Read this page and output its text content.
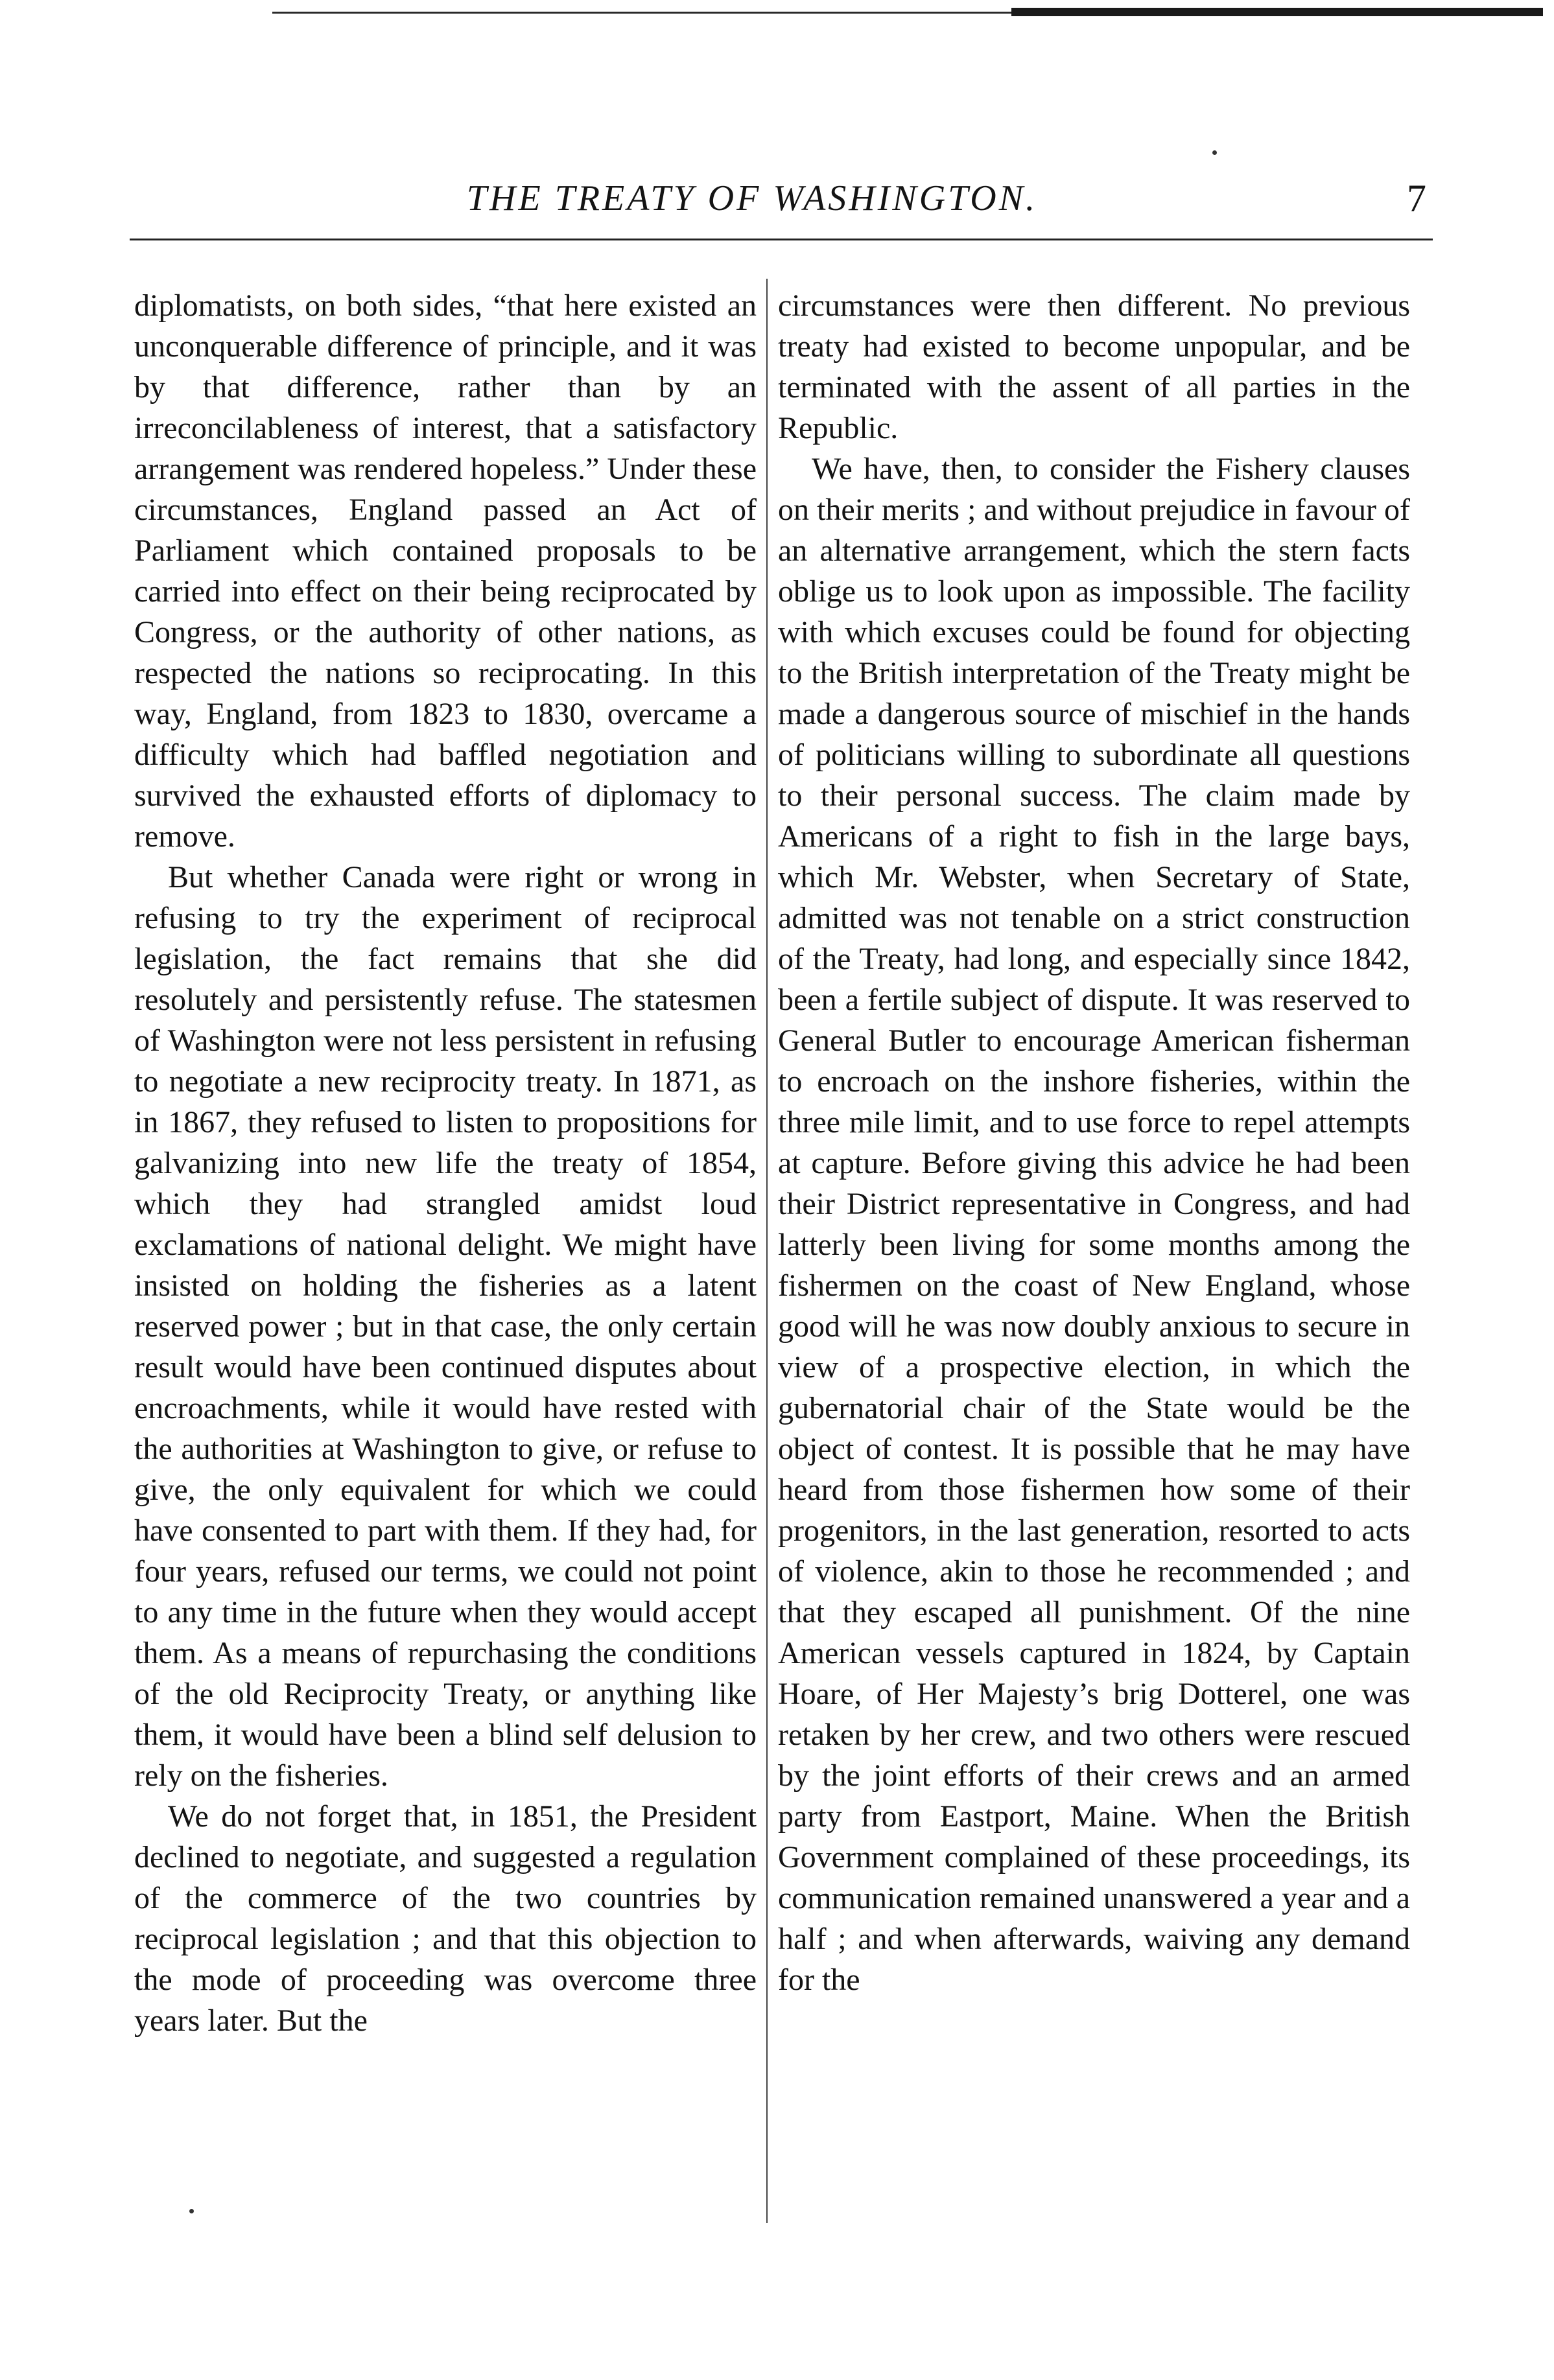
THE TREATY OF WASHINGTON.	7

diplomatists, on both sides, “that here existed an unconquerable difference of principle, and it was by that difference, rather than by an irreconcilableness of interest, that a satisfactory arrangement was rendered hopeless.” Under these circumstances, England passed an Act of Parliament which contained proposals to be carried into effect on their being reciprocated by Congress, or the authority of other nations, as respected the nations so reciprocating. In this way, England, from 1823 to 1830, overcame a difficulty which had baffled negotiation and survived the exhausted efforts of diplomacy to remove.

But whether Canada were right or wrong in refusing to try the experiment of reciprocal legislation, the fact remains that she did resolutely and persistently refuse. The statesmen of Washington were not less persistent in refusing to negotiate a new reciprocity treaty. In 1871, as in 1867, they refused to listen to propositions for galvanizing into new life the treaty of 1854, which they had strangled amidst loud exclamations of national delight. We might have insisted on holding the fisheries as a latent reserved power ; but in that case, the only certain result would have been continued disputes about encroachments, while it would have rested with the authorities at Washington to give, or refuse to give, the only equivalent for which we could have consented to part with them. If they had, for four years, refused our terms, we could not point to any time in the future when they would accept them. As a means of repurchasing the conditions of the old Reciprocity Treaty, or anything like them, it would have been a blind self delusion to rely on the fisheries.

We do not forget that, in 1851, the President declined to negotiate, and suggested a regulation of the commerce of the two countries by reciprocal legislation ; and that this objection to the mode of proceeding was overcome three years later. But the

circumstances were then different. No previous treaty had existed to become unpopular, and be terminated with the assent of all parties in the Republic.

We have, then, to consider the Fishery clauses on their merits ; and without prejudice in favour of an alternative arrangement, which the stern facts oblige us to look upon as impossible. The facility with which excuses could be found for objecting to the British interpretation of the Treaty might be made a dangerous source of mischief in the hands of politicians willing to subordinate all questions to their personal success. The claim made by Americans of a right to fish in the large bays, which Mr. Webster, when Secretary of State, admitted was not tenable on a strict construction of the Treaty, had long, and especially since 1842, been a fertile subject of dispute. It was reserved to General Butler to encourage American fisherman to encroach on the inshore fisheries, within the three mile limit, and to use force to repel attempts at capture. Before giving this advice he had been their District representative in Congress, and had latterly been living for some months among the fishermen on the coast of New England, whose good will he was now doubly anxious to secure in view of a prospective election, in which the gubernatorial chair of the State would be the object of contest. It is possible that he may have heard from those fishermen how some of their progenitors, in the last generation, resorted to acts of violence, akin to those he recommended ; and that they escaped all punishment. Of the nine American vessels captured in 1824, by Captain Hoare, of Her Majesty’s brig Dotterel, one was retaken by her crew, and two others were rescued by the joint efforts of their crews and an armed party from Eastport, Maine. When the British Government complained of these proceedings, its communication remained unanswered a year and a half ; and when afterwards, waiving any demand for the
